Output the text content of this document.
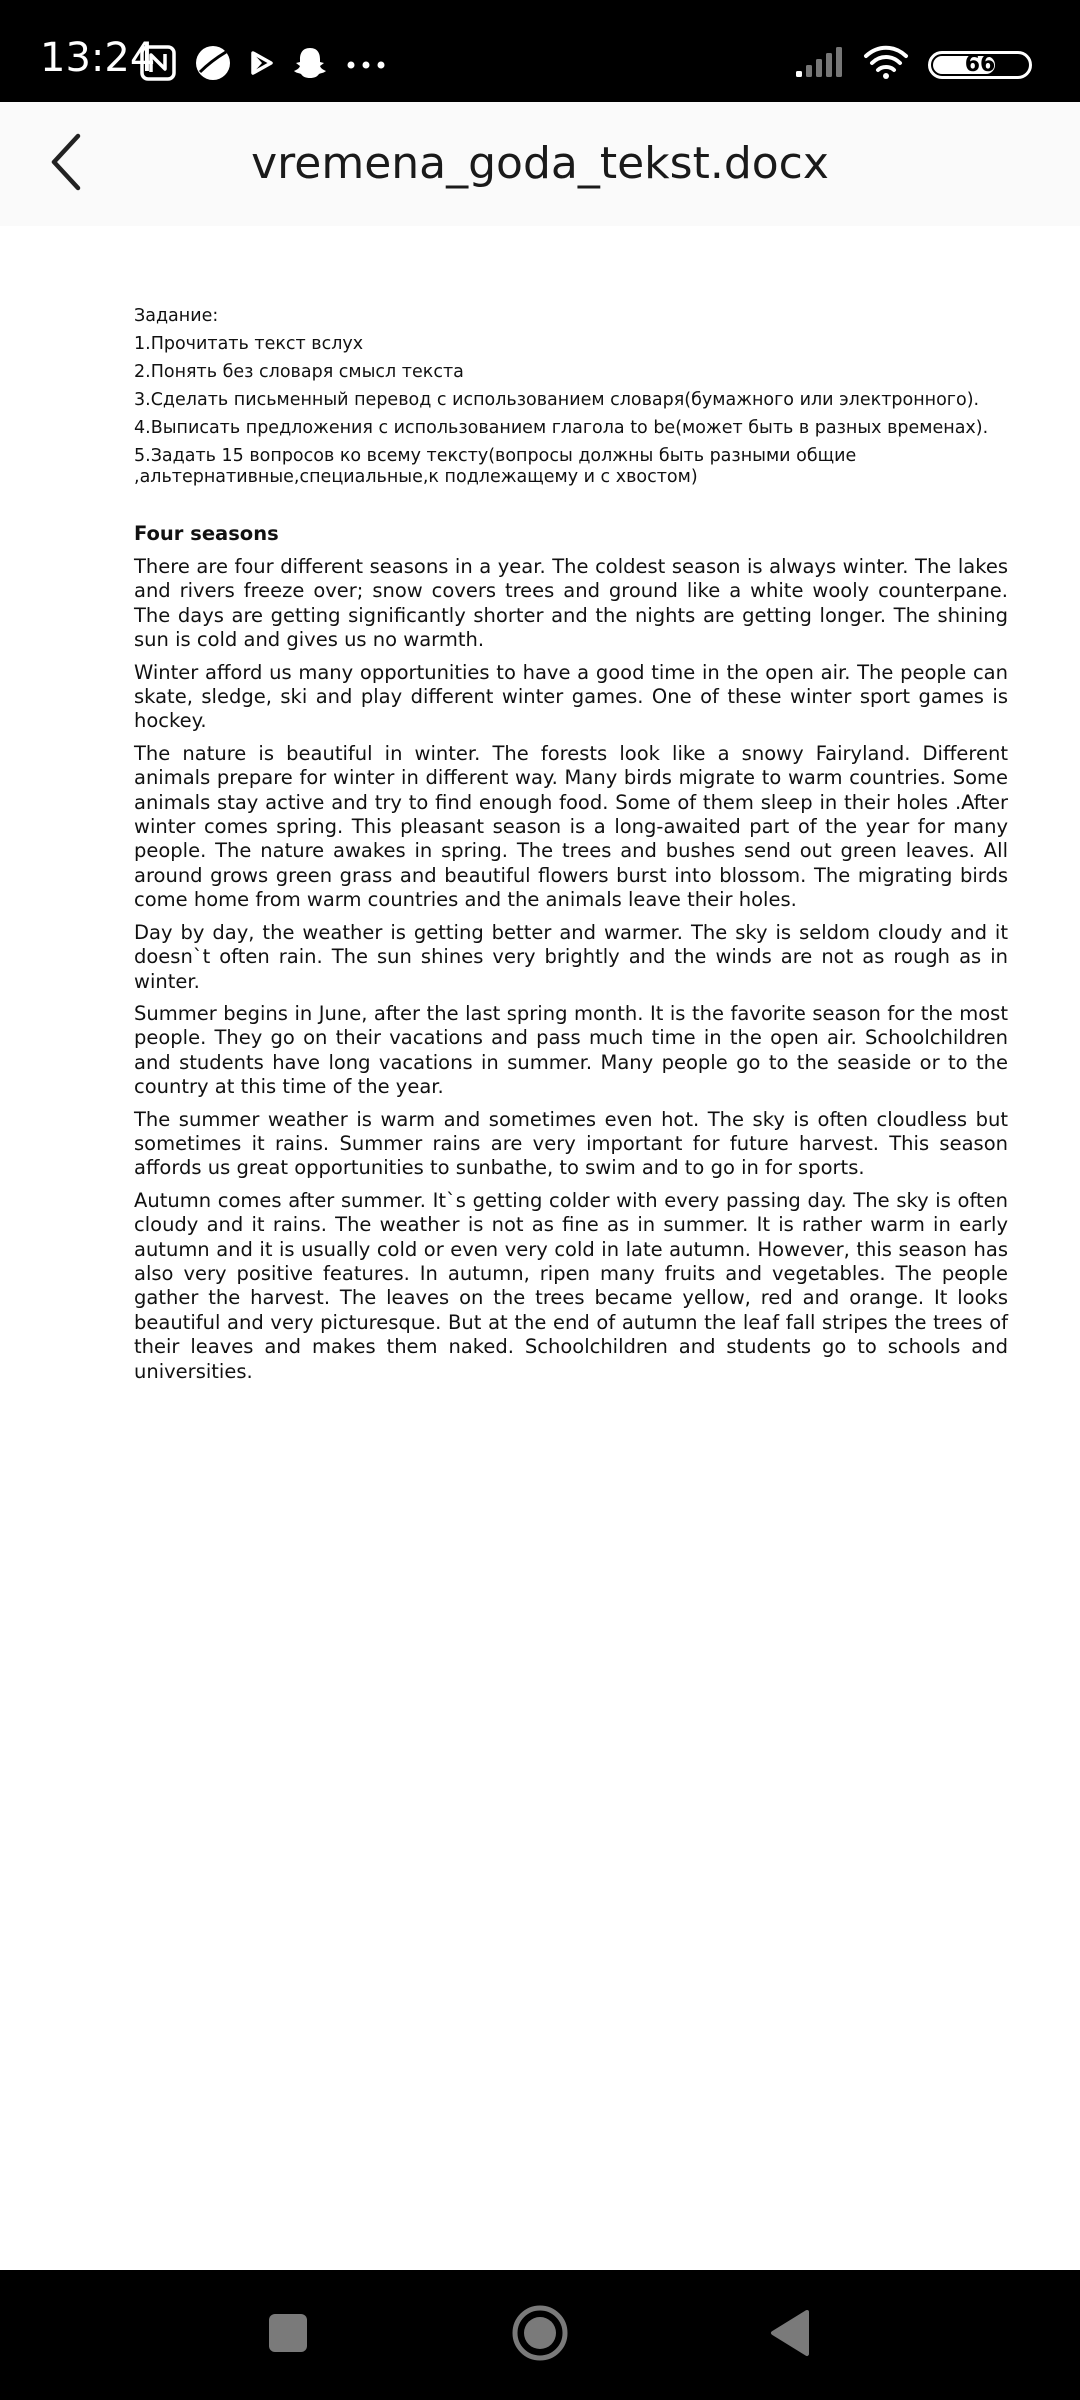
13:24	66
vremena_goda_tekst.docx

Задание:

1.Прочитать текст вслух
2.Понять без словаря смысл текста
3.Сделать письменный перевод с использованием словаря(бумажного или электронного).
4.Выписать предложения с использованием глагола to be(может быть в разных временах).
5.Задать 15 вопросов ко всему тексту(вопросы должны быть разными общие ,альтернативные,специальные,к подлежащему и с хвостом)
Four seasons

There are four different seasons in a year. The coldest season is always winter. The lakes and rivers freeze over; snow covers trees and ground like a white wooly counterpane. The days are getting significantly shorter and the nights are getting longer. The shining sun is cold and gives us no warmth.

Winter afford us many opportunities to have a good time in the open air. The people can skate, sledge, ski and play different winter games. One of these winter sport games is hockey.

The nature is beautiful in winter. The forests look like a snowy Fairyland. Different animals prepare for winter in different way. Many birds migrate to warm countries. Some animals stay active and try to find enough food. Some of them sleep in their holes .After winter comes spring. This pleasant season is a long-awaited part of the year for many people. The nature awakes in spring. The trees and bushes send out green leaves. All around grows green grass and beautiful flowers burst into blossom. The migrating birds come home from warm countries and the animals leave their holes.

Day by day, the weather is getting better and warmer. The sky is seldom cloudy and it doesn`t often rain. The sun shines very brightly and the winds are not as rough as in winter.

Summer begins in June, after the last spring month. It is the favorite season for the most people. They go on their vacations and pass much time in the open air. Schoolchildren and students have long vacations in summer. Many people go to the seaside or to the country at this time of the year.

The summer weather is warm and sometimes even hot. The sky is often cloudless but sometimes it rains. Summer rains are very important for future harvest. This season affords us great opportunities to sunbathe, to swim and to go in for sports.

Autumn comes after summer. It`s getting colder with every passing day. The sky is often cloudy and it rains. The weather is not as fine as in summer. It is rather warm in early autumn and it is usually cold or even very cold in late autumn. However, this season has also very positive features. In autumn, ripen many fruits and vegetables. The people gather the harvest. The leaves on the trees became yellow, red and orange. It looks beautiful and very picturesque. But at the end of autumn the leaf fall stripes the trees of their leaves and makes them naked. Schoolchildren and students go to schools and universities.
